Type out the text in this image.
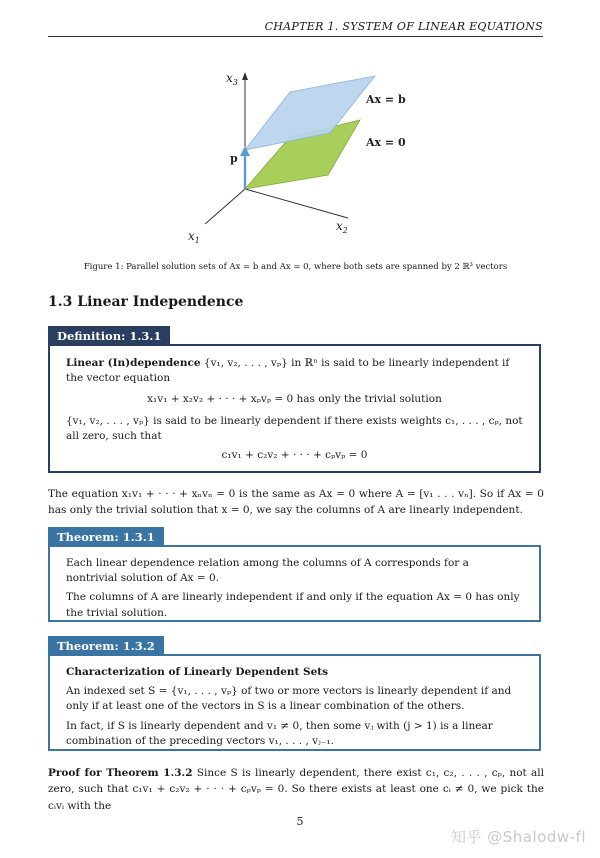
CHAPTER 1. SYSTEM OF LINEAR EQUATIONS
$x_3$
$x_1$
$x_2$
p
Ax = b
Ax = 0
Figure 1: Parallel solution sets of Ax = b and Ax = 0, where both sets are spanned by 2 ℝ³ vectors
1.3 Linear Independence
Definition: 1.3.1

Linear (In)dependence {v₁, v₂, . . . , vₚ} in ℝⁿ is said to be linearly independent if the vector equation

x₁v₁ + x₂v₂ + · · · + xₚvₚ = 0 has only the trivial solution

{v₁, v₂, . . . , vₚ} is said to be linearly dependent if there exists weights c₁, . . . , cₚ, not all zero, such that

c₁v₁ + c₂v₂ + · · · + cₚvₚ = 0

The equation x₁v₁ + · · · + xₙvₙ = 0 is the same as Ax = 0 where A = [v₁ . . . vₙ]. So if Ax = 0 has only the trivial solution that x = 0, we say the columns of A are linearly independent.
Theorem: 1.3.1

Each linear dependence relation among the columns of A corresponds for a nontrivial solution of Ax = 0.

The columns of A are linearly independent if and only if the equation Ax = 0 has only the trivial solution.

Theorem: 1.3.2

Characterization of Linearly Dependent Sets

An indexed set S = {v₁, . . . , vₚ} of two or more vectors is linearly dependent if and only if at least one of the vectors in S is a linear combination of the others.

In fact, if S is linearly dependent and v₁ ≠ 0, then some vⱼ with (j > 1) is a linear combination of the preceding vectors v₁, . . . , vⱼ₋₁.

Proof for Theorem 1.3.2 Since S is linearly dependent, there exist c₁, c₂, . . . , cₚ, not all zero, such that c₁v₁ + c₂v₂ + · · · + cₚvₚ = 0. So there exists at least one cᵢ ≠ 0, we pick the cᵢvᵢ with the
5
知乎 @Shalodw-fl
